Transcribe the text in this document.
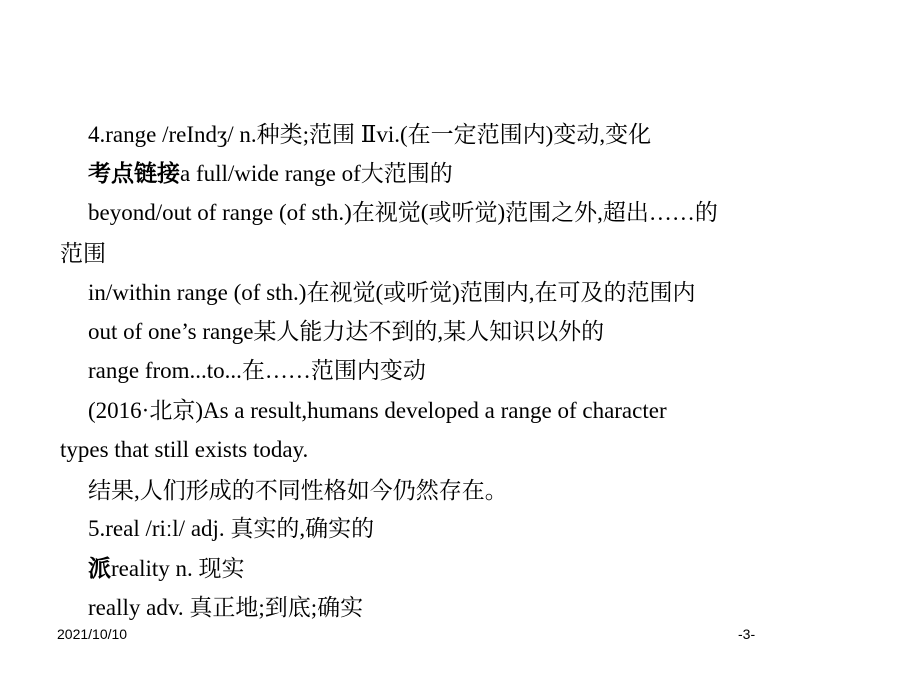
4.range /reIndʒ/ n.种类;范围 Ⅱvi.(在一定范围内)变动,变化
考点链接a full/wide range of大范围的
beyond/out of range (of sth.)在视觉(或听觉)范围之外,超出……的
范围
in/within range (of sth.)在视觉(或听觉)范围内,在可及的范围内
out of one’s range某人能力达不到的,某人知识以外的
range from...to...在……范围内变动
(2016·北京)As a result,humans developed a range of character
types that still exists today.
结果,人们形成的不同性格如今仍然存在。
5.real /riːl/ adj. 真实的,确实的
派reality n. 现实
really adv. 真正地;到底;确实
2021/10/10	-3-
